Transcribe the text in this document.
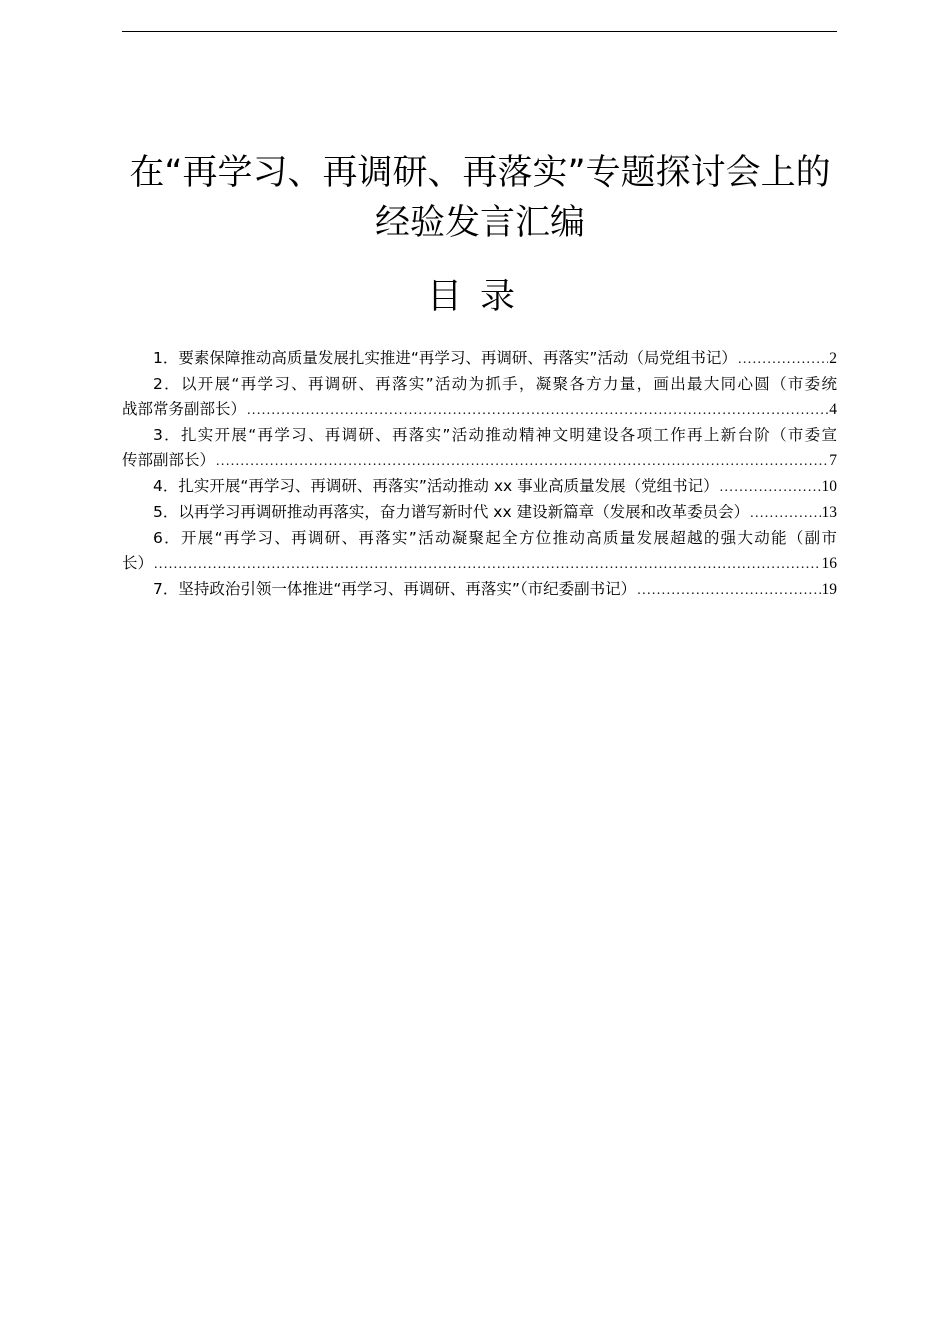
在“再学习、再调研、再落实”专题探讨会上的
经验发言汇编
目录
1．要素保障推动高质量发展扎实推进“再学习、再调研、再落实”活动（局党组书记） .....	2
2．以开展“再学习、再调研、再落实”活动为抓手，凝聚各方力量，画出最大同心圆（市委统
战部常务副部长） .....	4
3．扎实开展“再学习、再调研、再落实”活动推动精神文明建设各项工作再上新台阶（市委宣
传部副部长） .....	7
4．扎实开展“再学习、再调研、再落实”活动推动 xx 事业高质量发展（党组书记） .....	10
5．以再学习再调研推动再落实，奋力谱写新时代 xx 建设新篇章（发展和改革委员会） .....	13
6．开展“再学习、再调研、再落实”活动凝聚起全方位推动高质量发展超越的强大动能（副市
长） .....	16
7．坚持政治引领一体推进“再学习、再调研、再落实”（市纪委副书记） .....	19
